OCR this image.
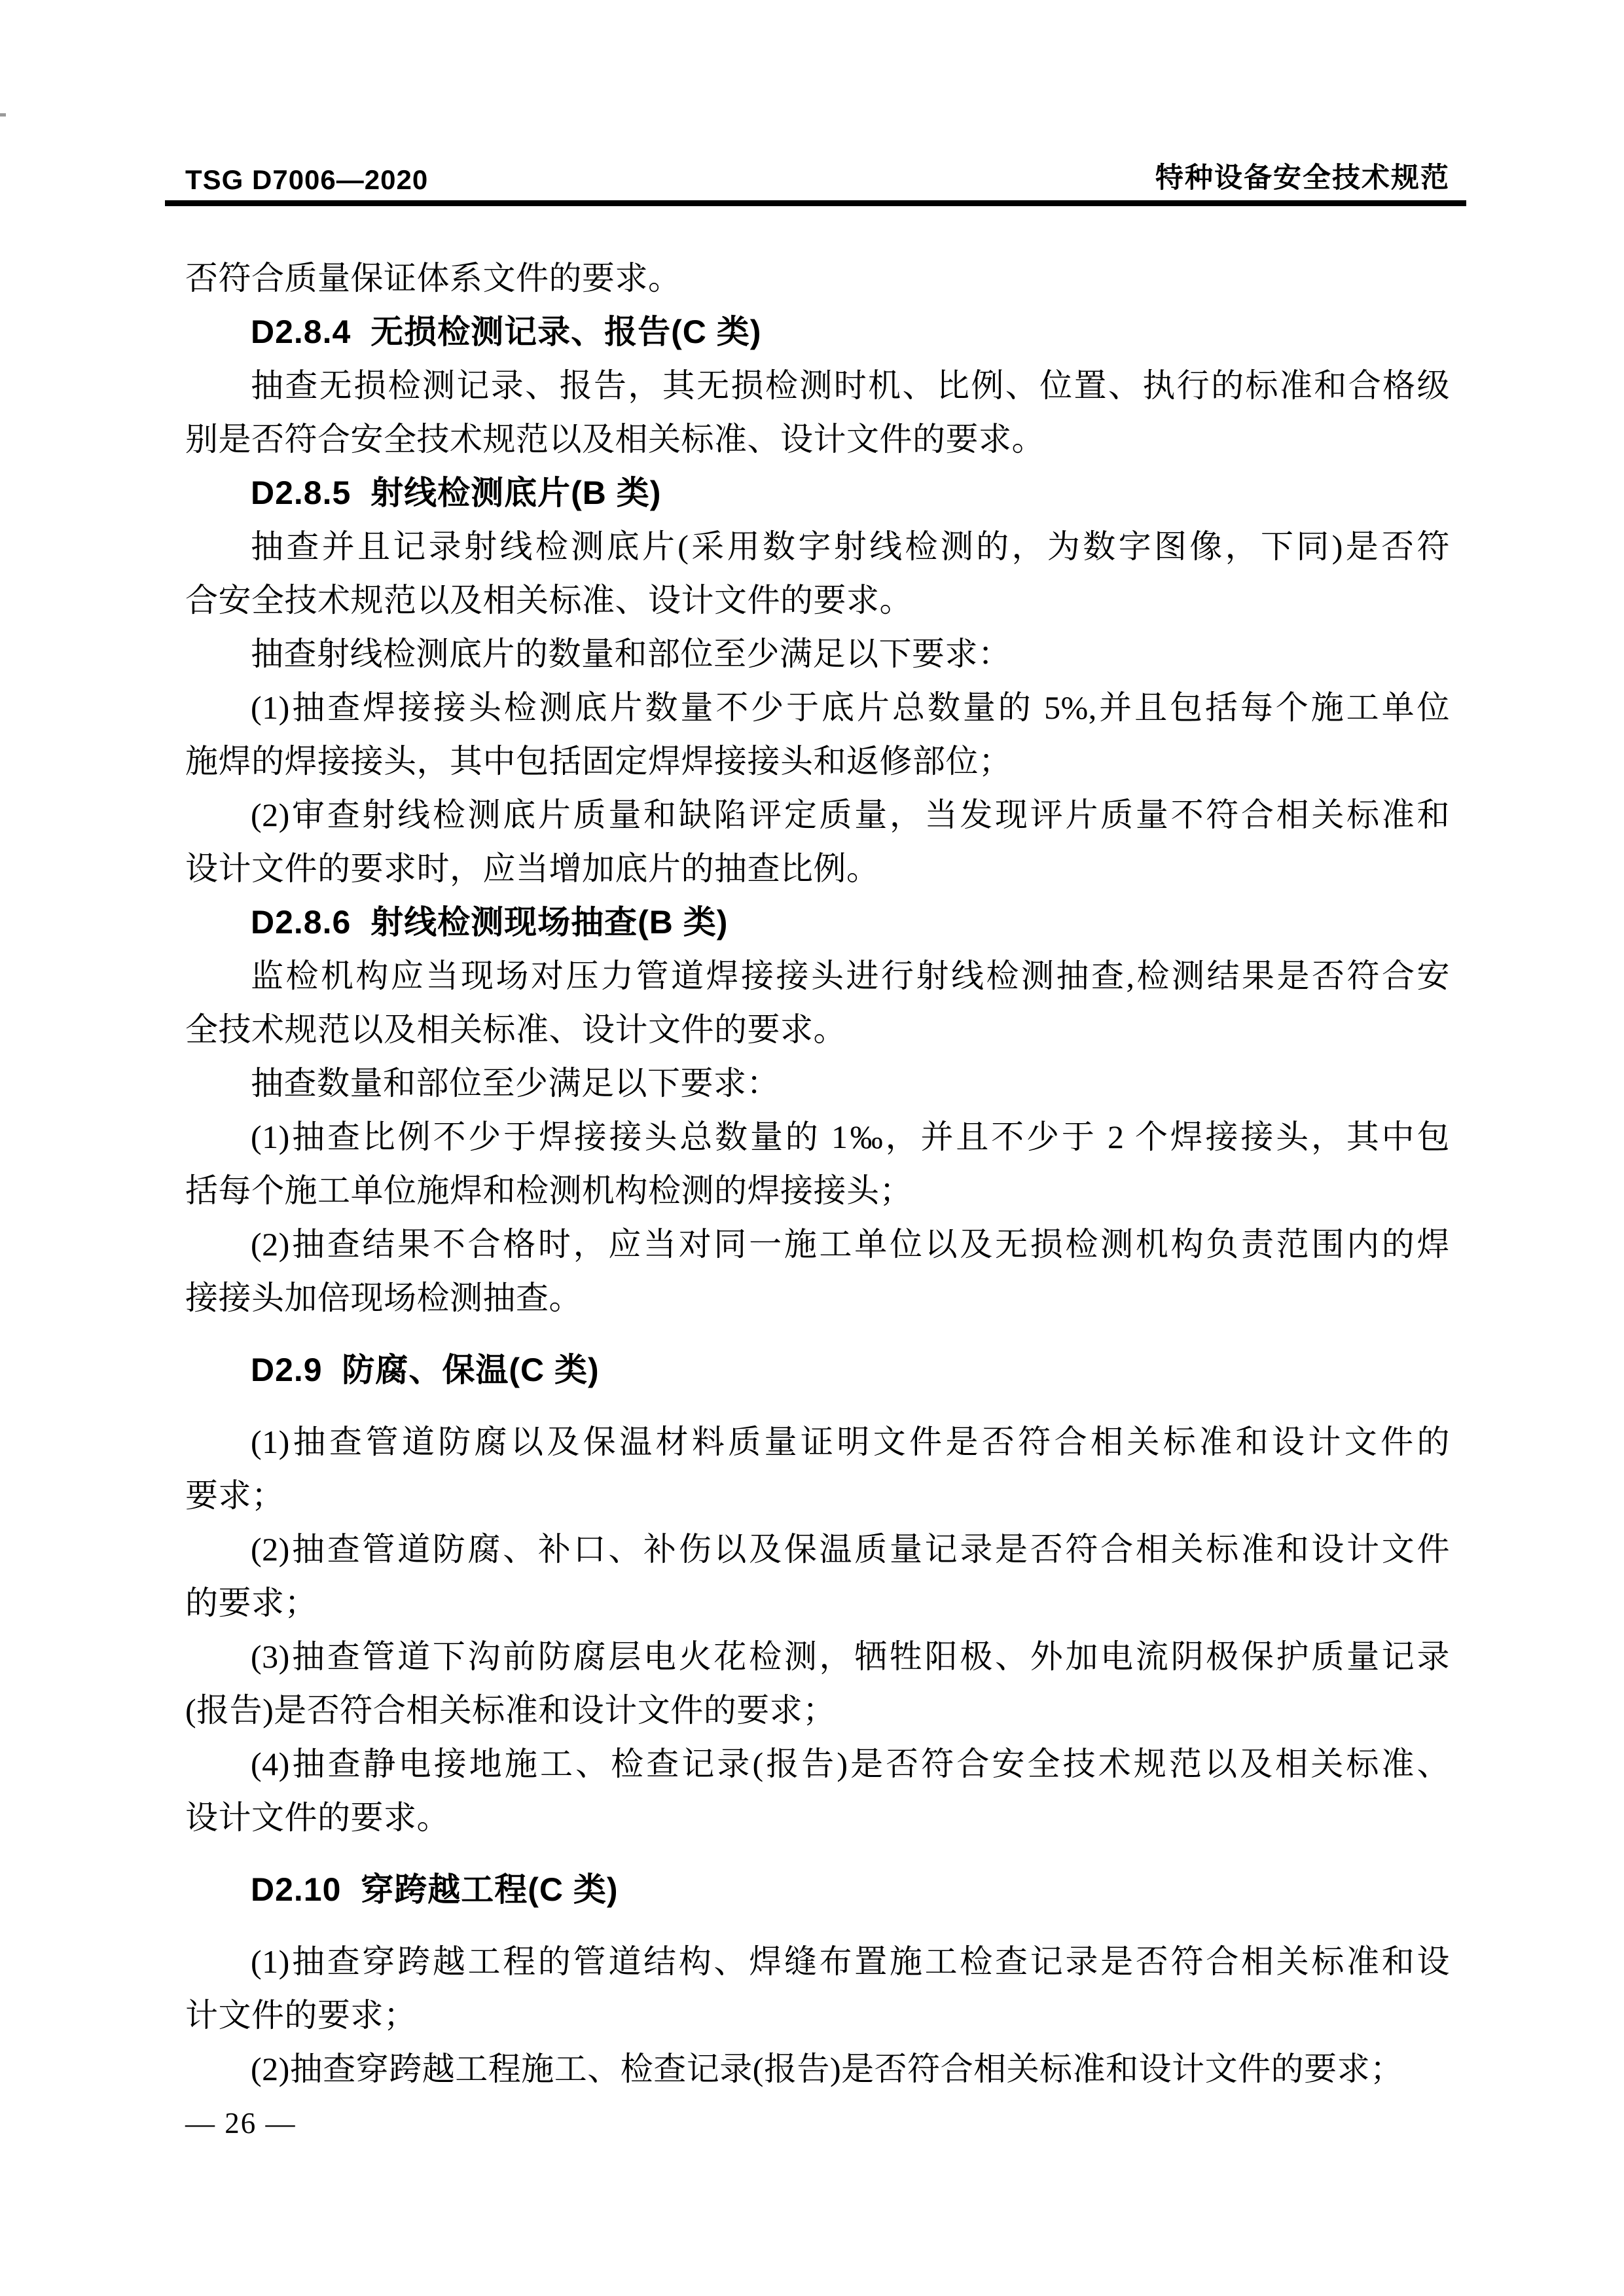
TSG D7006—2020	特种设备安全技术规范
否符合质量保证体系文件的要求。
D2.8.4  无损检测记录、报告(C 类)
抽查无损检测记录、报告，其无损检测时机、比例、位置、执行的标准和合格级
别是否符合安全技术规范以及相关标准、设计文件的要求。
D2.8.5  射线检测底片(B 类)
抽查并且记录射线检测底片(采用数字射线检测的，为数字图像，下同)是否符
合安全技术规范以及相关标准、设计文件的要求。
抽查射线检测底片的数量和部位至少满足以下要求：
(1)抽查焊接接头检测底片数量不少于底片总数量的 5%,并且包括每个施工单位
施焊的焊接接头，其中包括固定焊焊接接头和返修部位；
(2)审查射线检测底片质量和缺陷评定质量，当发现评片质量不符合相关标准和
设计文件的要求时，应当增加底片的抽查比例。
D2.8.6  射线检测现场抽查(B 类)
监检机构应当现场对压力管道焊接接头进行射线检测抽查,检测结果是否符合安
全技术规范以及相关标准、设计文件的要求。
抽查数量和部位至少满足以下要求：
(1)抽查比例不少于焊接接头总数量的 1‰，并且不少于 2 个焊接接头，其中包
括每个施工单位施焊和检测机构检测的焊接接头；
(2)抽查结果不合格时，应当对同一施工单位以及无损检测机构负责范围内的焊
接接头加倍现场检测抽查。
D2.9  防腐、保温(C 类)
(1)抽查管道防腐以及保温材料质量证明文件是否符合相关标准和设计文件的
要求；
(2)抽查管道防腐、补口、补伤以及保温质量记录是否符合相关标准和设计文件
的要求；
(3)抽查管道下沟前防腐层电火花检测，牺牲阳极、外加电流阴极保护质量记录
(报告)是否符合相关标准和设计文件的要求；
(4)抽查静电接地施工、检查记录(报告)是否符合安全技术规范以及相关标准、
设计文件的要求。
D2.10  穿跨越工程(C 类)
(1)抽查穿跨越工程的管道结构、焊缝布置施工检查记录是否符合相关标准和设
计文件的要求；
(2)抽查穿跨越工程施工、检查记录(报告)是否符合相关标准和设计文件的要求；
— 26 —
